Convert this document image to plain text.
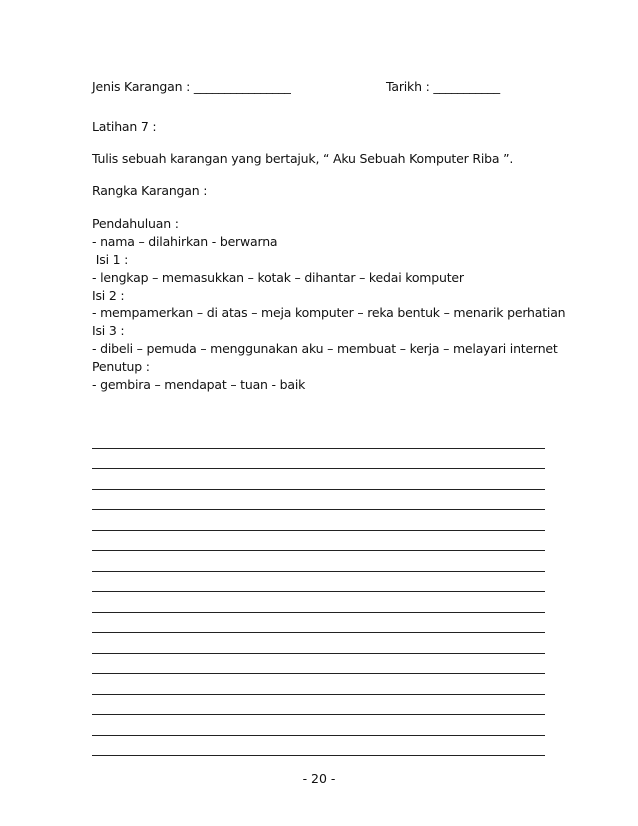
Jenis Karangan : ________________	Tarikh : ___________
Latihan 7 :
Tulis sebuah karangan yang bertajuk, “ Aku Sebuah Komputer Riba ”.
Rangka Karangan :
Pendahuluan :
- nama – dilahirkan - berwarna
Isi 1 :
- lengkap – memasukkan – kotak – dihantar – kedai komputer
Isi 2 :
- mempamerkan – di atas – meja komputer – reka bentuk – menarik perhatian
Isi 3 :
- dibeli – pemuda – menggunakan aku – membuat – kerja – melayari internet
Penutup :
- gembira – mendapat – tuan - baik
- 20 -
